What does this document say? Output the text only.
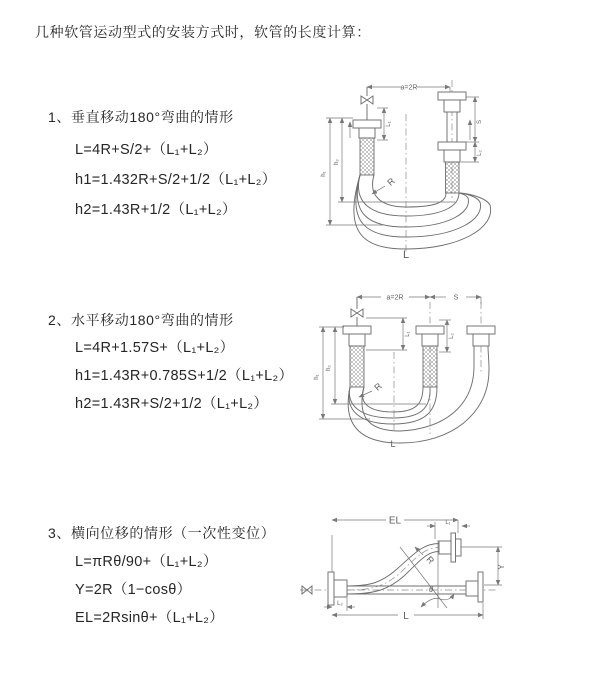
几种软管运动型式的安装方式时，软管的长度计算：
1、垂直移动180°弯曲的情形
L=4R+S/2+（L₁+L₂）
h1=1.432R+S/2+1/2（L₁+L₂）
h2=1.43R+1/2（L₁+L₂）
2、水平移动180°弯曲的情形
L=4R+1.57S+（L₁+L₂）
h1=1.43R+0.785S+1/2（L₁+L₂）
h2=1.43R+S/2+1/2（L₁+L₂）
3、横向位移的情形（一次性变位）
L=πRθ/90+（L₁+L₂）
Y=2R（1−cosθ）
EL=2Rsinθ+（L₁+L₂）
a=2R
S
L₂
L₁
h₁
h₂
R
L
a=2R	S
L₁	L₂
h₁
h₂
R
L
EL	L₁
θ
R
Y
L₂
L
